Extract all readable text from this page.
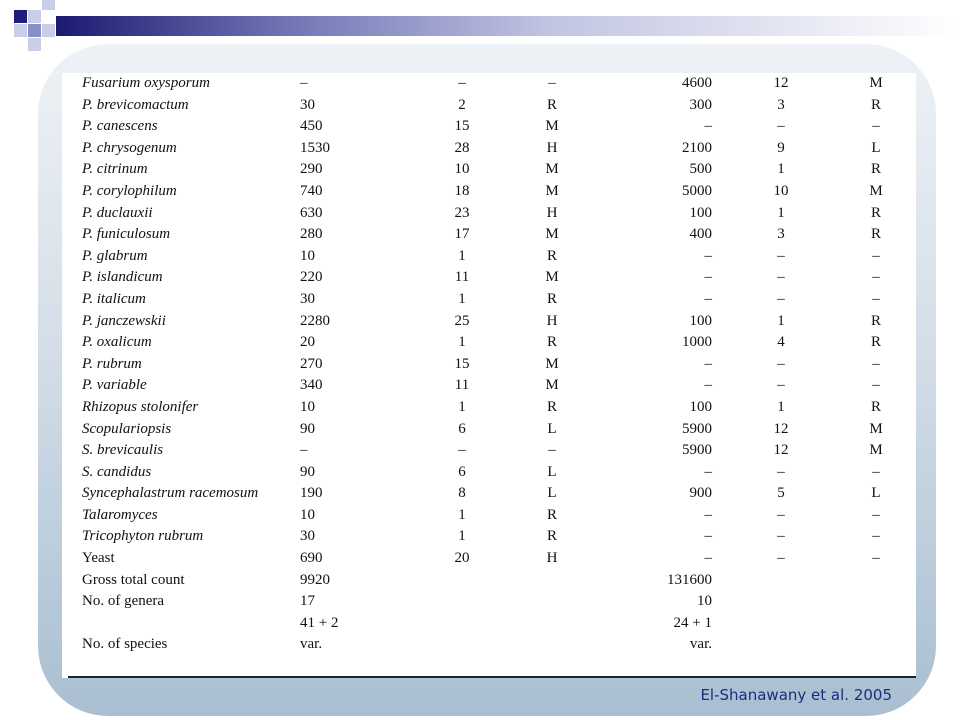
Fusarium oxysporum	–	–	–	4600	12	M
P. brevicomactum	30	2	R	300	3	R
P. canescens	450	15	M	–	–	–
P. chrysogenum	1530	28	H	2100	9	L
P. citrinum	290	10	M	500	1	R
P. corylophilum	740	18	M	5000	10	M
P. duclauxii	630	23	H	100	1	R
P. funiculosum	280	17	M	400	3	R
P. glabrum	10	1	R	–	–	–
P. islandicum	220	11	M	–	–	–
P. italicum	30	1	R	–	–	–
P. janczewskii	2280	25	H	100	1	R
P. oxalicum	20	1	R	1000	4	R
P. rubrum	270	15	M	–	–	–
P. variable	340	11	M	–	–	–
Rhizopus stolonifer	10	1	R	100	1	R
Scopulariopsis	90	6	L	5900	12	M
S. brevicaulis	–	–	–	5900	12	M
S. candidus	90	6	L	–	–	–
Syncephalastrum racemosum	190	8	L	900	5	L
Talaromyces	10	1	R	–	–	–
Tricophyton rubrum	30	1	R	–	–	–
Yeast	690	20	H	–	–	–
Gross total count	9920			131600		
No. of genera	17			10		
	41 + 2			24 + 1		
No. of species	var.			var.		
El-Shanawany et al. 2005
